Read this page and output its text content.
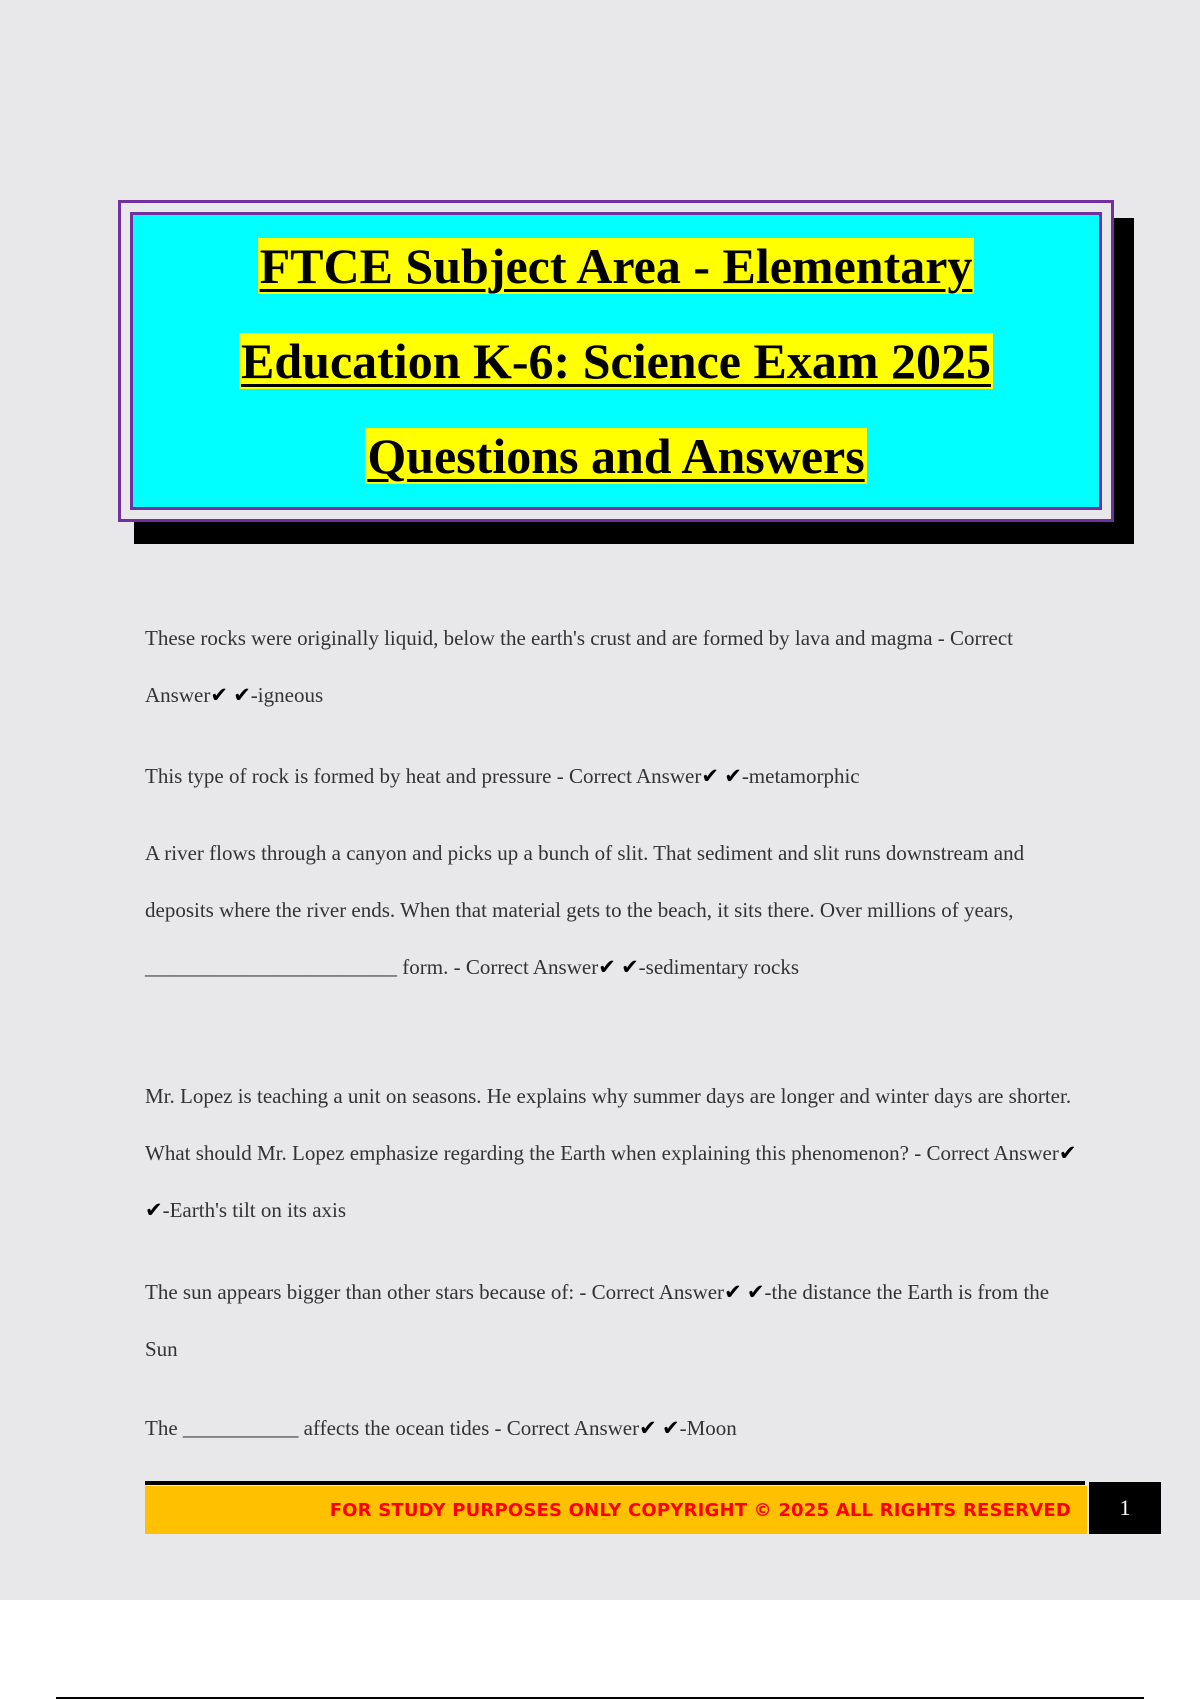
FTCE Subject Area - Elementary
Education K-6: Science Exam 2025
Questions and Answers

These rocks were originally liquid, below the earth's crust and are formed by lava and magma - Correct Answer✔ ✔-igneous

This type of rock is formed by heat and pressure - Correct Answer✔ ✔-metamorphic

A river flows through a canyon and picks up a bunch of slit. That sediment and slit runs downstream and deposits where the river ends. When that material gets to the beach, it sits there. Over millions of years, ________________________ form. - Correct Answer✔ ✔-sedimentary rocks

Mr. Lopez is teaching a unit on seasons. He explains why summer days are longer and winter days are shorter. What should Mr. Lopez emphasize regarding the Earth when explaining this phenomenon? - Correct Answer✔ ✔-Earth's tilt on its axis

The sun appears bigger than other stars because of: - Correct Answer✔ ✔-the distance the Earth is from the Sun

The ___________ affects the ocean tides - Correct Answer✔ ✔-Moon

FOR STUDY PURPOSES ONLY COPYRIGHT © 2025 ALL RIGHTS RESERVED 1
